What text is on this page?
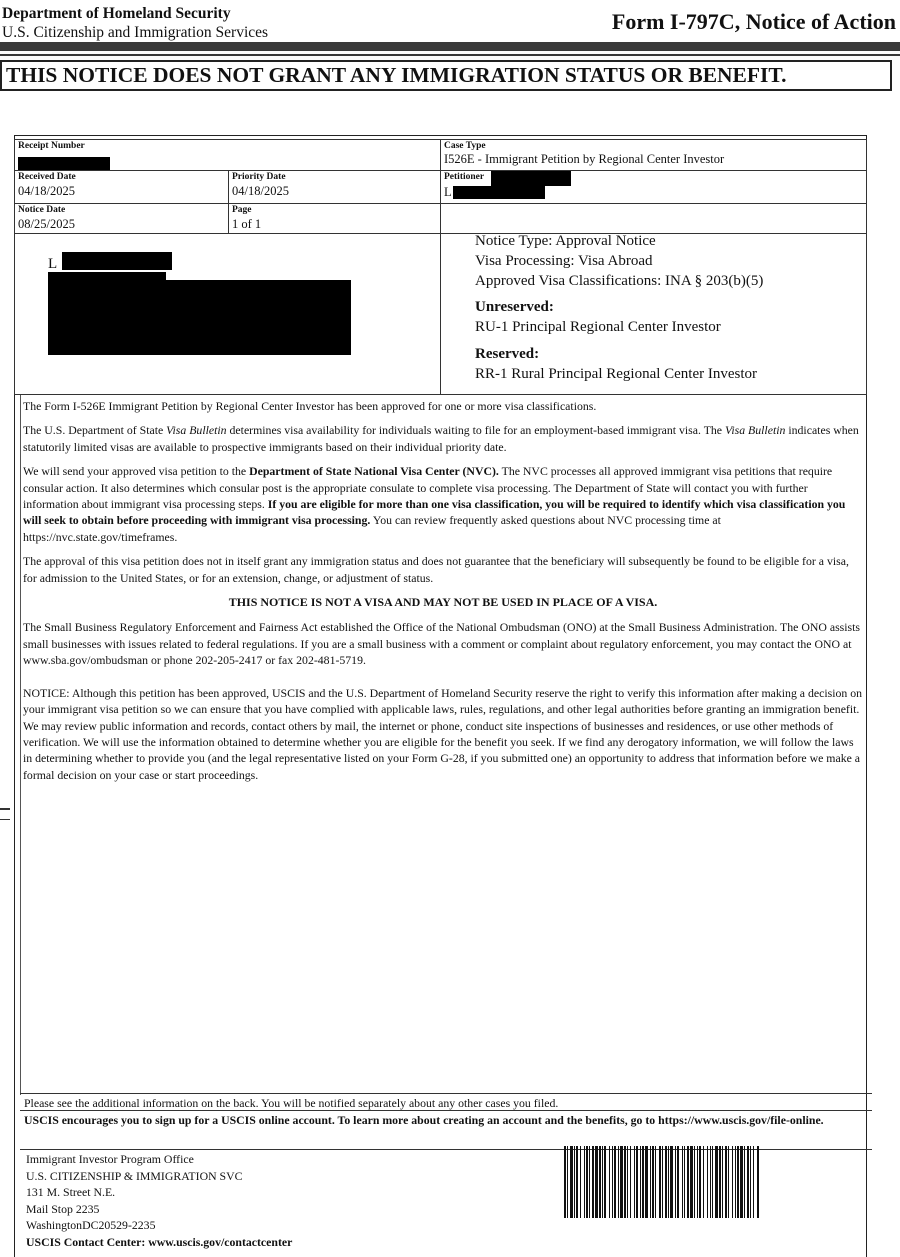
Department of Homeland Security
U.S. Citizenship and Immigration Services	Form I-797C, Notice of Action
THIS NOTICE DOES NOT GRANT ANY IMMIGRATION STATUS OR BENEFIT.
Receipt Number	Case Type
I526E - Immigrant Petition by Regional Center Investor
Received Date
04/18/2025
Priority Date
04/18/2025
Petitioner
L
Notice Date
08/25/2025
Page
1 of 1
L
Notice Type: Approval Notice
Visa Processing: Visa Abroad
Approved Visa Classifications: INA § 203(b)(5)
Unreserved:
RU-1 Principal Regional Center Investor
Reserved:
RR-1 Rural Principal Regional Center Investor

The Form I-526E Immigrant Petition by Regional Center Investor has been approved for one or more visa classifications.

The U.S. Department of State Visa Bulletin determines visa availability for individuals waiting to file for an employment-based immigrant visa. The Visa Bulletin indicates when statutorily limited visas are available to prospective immigrants based on their individual priority date.

We will send your approved visa petition to the Department of State National Visa Center (NVC). The NVC processes all approved immigrant visa petitions that require consular action. It also determines which consular post is the appropriate consulate to complete visa processing. The Department of State will contact you with further information about immigrant visa processing steps. If you are eligible for more than one visa classification, you will be required to identify which visa classification you will seek to obtain before proceeding with immigrant visa processing. You can review frequently asked questions about NVC processing time at https://nvc.state.gov/timeframes.

The approval of this visa petition does not in itself grant any immigration status and does not guarantee that the beneficiary will subsequently be found to be eligible for a visa, for admission to the United States, or for an extension, change, or adjustment of status.

THIS NOTICE IS NOT A VISA AND MAY NOT BE USED IN PLACE OF A VISA.

The Small Business Regulatory Enforcement and Fairness Act established the Office of the National Ombudsman (ONO) at the Small Business Administration. The ONO assists small businesses with issues related to federal regulations. If you are a small business with a comment or complaint about regulatory enforcement, you may contact the ONO at www.sba.gov/ombudsman or phone 202-205-2417 or fax 202-481-5719.

NOTICE: Although this petition has been approved, USCIS and the U.S. Department of Homeland Security reserve the right to verify this information after making a decision on your immigrant visa petition so we can ensure that you have complied with applicable laws, rules, regulations, and other legal authorities before granting an immigration benefit. We may review public information and records, contact others by mail, the internet or phone, conduct site inspections of businesses and residences, or use other methods of verification. We will use the information obtained to determine whether you are eligible for the benefit you seek. If we find any derogatory information, we will follow the laws in determining whether to provide you (and the legal representative listed on your Form G-28, if you submitted one) an opportunity to address that information before we make a formal decision on your case or start proceedings.

Please see the additional information on the back. You will be notified separately about any other cases you filed.
USCIS encourages you to sign up for a USCIS online account. To learn more about creating an account and the benefits, go to https://www.uscis.gov/file-online.
Immigrant Investor Program Office
U.S. CITIZENSHIP & IMMIGRATION SVC
131 M. Street N.E.
Mail Stop 2235
WashingtonDC20529-2235
USCIS Contact Center: www.uscis.gov/contactcenter
